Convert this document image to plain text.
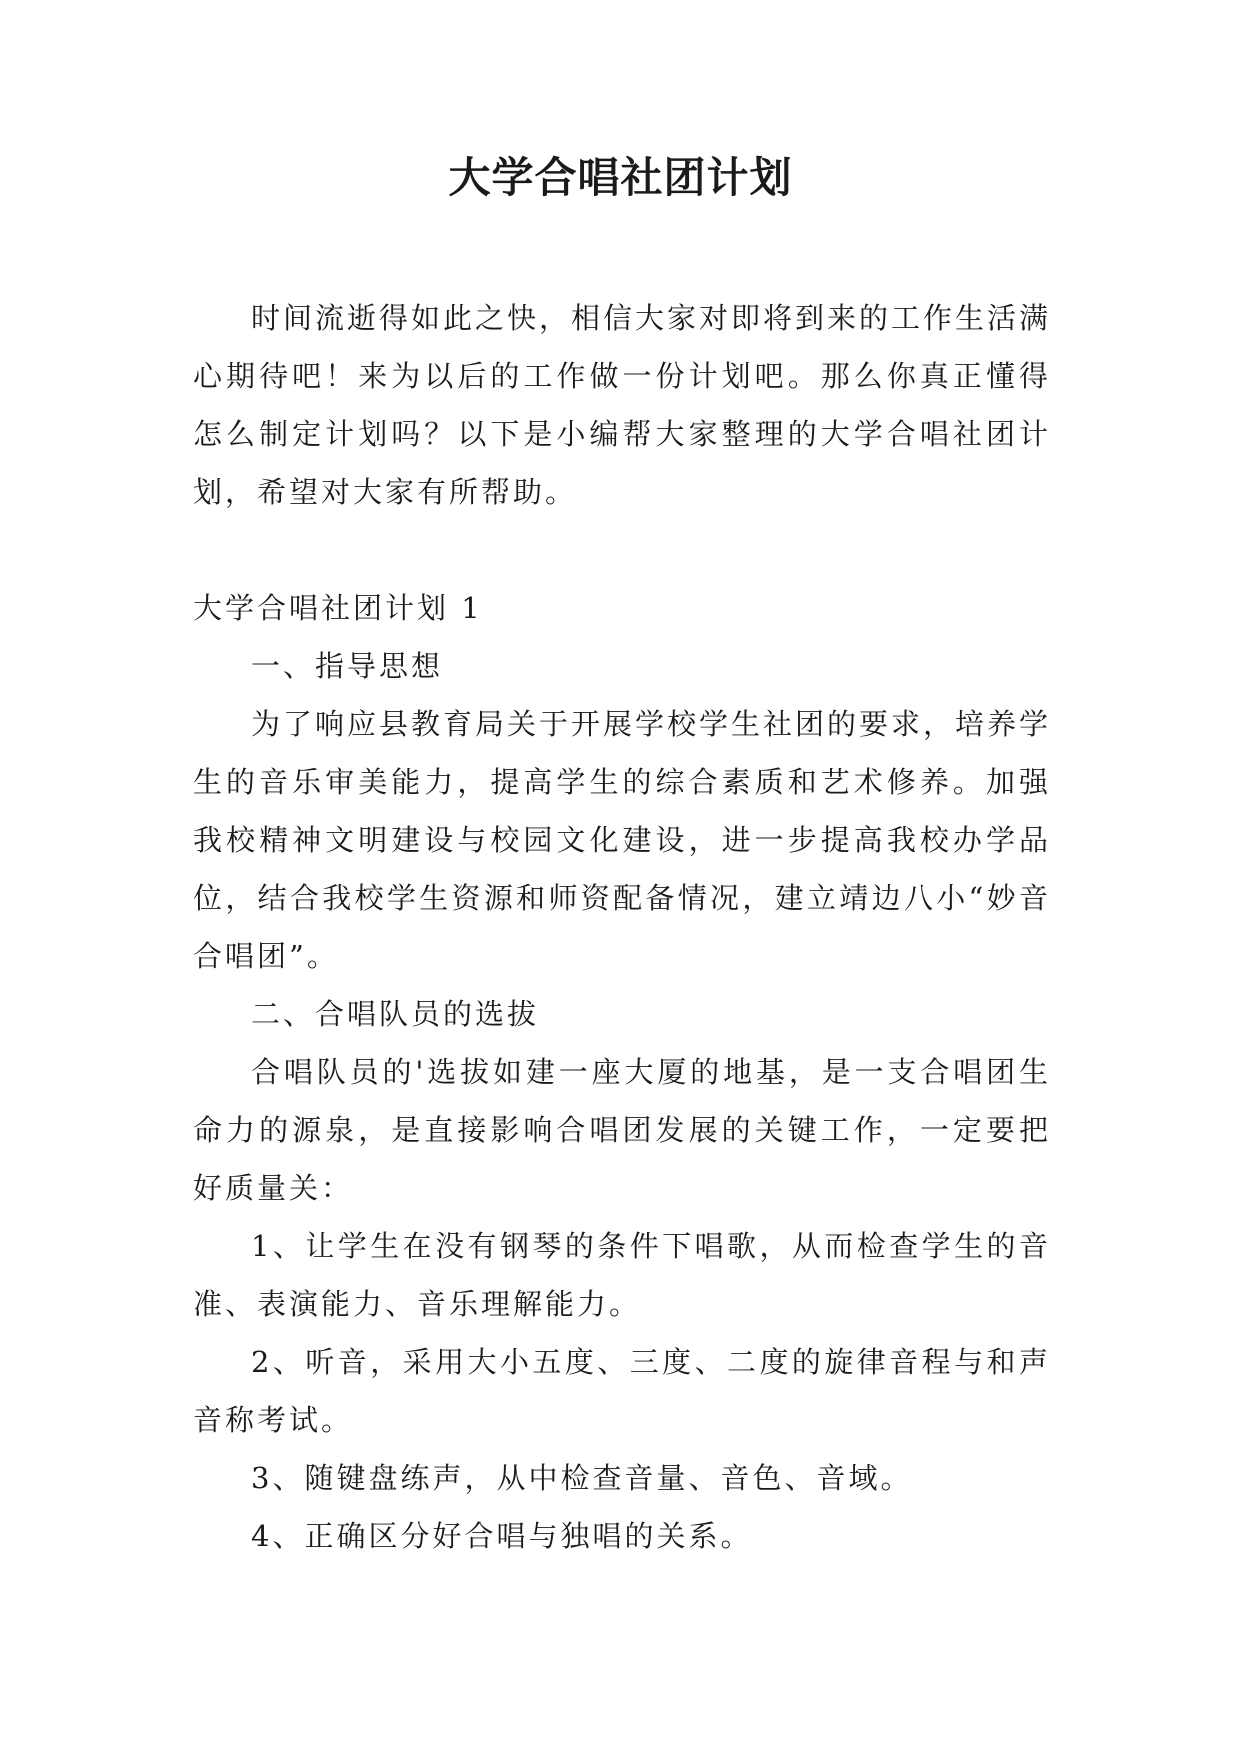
大学合唱社团计划

时间流逝得如此之快，相信大家对即将到来的工作生活满心期待吧！来为以后的工作做一份计划吧。那么你真正懂得怎么制定计划吗？以下是小编帮大家整理的大学合唱社团计划，希望对大家有所帮助。

大学合唱社团计划 1

一、指导思想

为了响应县教育局关于开展学校学生社团的要求，培养学生的音乐审美能力，提高学生的综合素质和艺术修养。加强我校精神文明建设与校园文化建设，进一步提高我校办学品位，结合我校学生资源和师资配备情况，建立靖边八小“妙音合唱团”。

二、合唱队员的选拔

合唱队员的'选拔如建一座大厦的地基，是一支合唱团生命力的源泉，是直接影响合唱团发展的关键工作，一定要把好质量关：

1、让学生在没有钢琴的条件下唱歌，从而检查学生的音准、表演能力、音乐理解能力。

2、听音，采用大小五度、三度、二度的旋律音程与和声音称考试。

3、随键盘练声，从中检查音量、音色、音域。

4、正确区分好合唱与独唱的关系。
